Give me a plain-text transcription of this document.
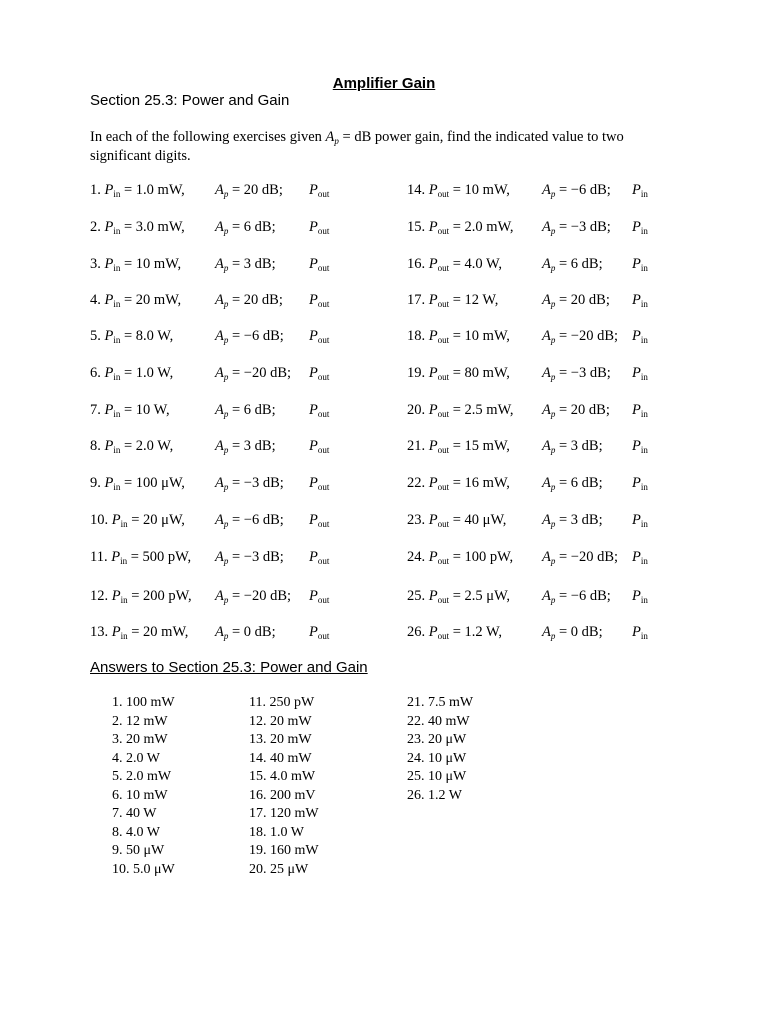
Amplifier Gain
Section 25.3: Power and Gain
In each of the following exercises given $A_p$ = dB power gain, find the indicated value to two significant digits.
1. $P_{in} = 1.0$ mW, $A_p = 20$ dB; $P_{out}$
2. $P_{in} = 3.0$ mW, $A_p = 6$ dB; $P_{out}$
3. $P_{in} = 10$ mW, $A_p = 3$ dB; $P_{out}$
4. $P_{in} = 20$ mW, $A_p = 20$ dB; $P_{out}$
5. $P_{in} = 8.0$ W,	$A_p = -6$ dB; $P_{out}$
6. $P_{in} = 1.0$ W,	$A_p = -20$ dB; $P_{out}$
7. $P_{in} = 10$ W,	$A_p = 6$ dB; $P_{out}$
8. $P_{in} = 2.0$ W,	$A_p = 3$ dB; $P_{out}$
9. $P_{in} = 100$ μW, $A_p = -3$ dB; $P_{out}$
10. $P_{in} = 20$ μW, $A_p = -6$ dB; $P_{out}$
11. $P_{in} = 500$ pW, $A_p = -3$ dB; $P_{out}$
12. $P_{in} = 200$ pW, $A_p = -20$ dB; $P_{out}$
13. $P_{in} = 20$ mW, $A_p = 0$ dB; $P_{out}$
14. $P_{out} = 10$ mW, $A_p = -6$ dB; $P_{in}$
15. $P_{out} = 2.0$ mW, $A_p = -3$ dB; $P_{in}$
16. $P_{out} = 4.0$ W,	$A_p = 6$ dB; $P_{in}$
17. $P_{out} = 12$ W,	$A_p = 20$ dB; $P_{in}$
18. $P_{out} = 10$ mW, $A_p = -20$ dB; $P_{in}$
19. $P_{out} = 80$ mW, $A_p = -3$ dB; $P_{in}$
20. $P_{out} = 2.5$ mW, $A_p = 20$ dB; $P_{in}$
21. $P_{out} = 15$ mW, $A_p = 3$ dB; $P_{in}$
22. $P_{out} = 16$ mW, $A_p = 6$ dB; $P_{in}$
23. $P_{out} = 40$ μW, $A_p = 3$ dB; $P_{in}$
24. $P_{out} = 100$ pW, $A_p = -20$ dB; $P_{in}$
25. $P_{out} = 2.5$ μW, $A_p = -6$ dB; $P_{in}$
26. $P_{out} = 1.2$ W,	$A_p = 0$ dB; $P_{in}$
Answers to Section 25.3: Power and Gain
1. 100 mW
2. 12 mW
3. 20 mW
4. 2.0 W
5. 2.0 mW
6. 10 mW
7. 40 W
8. 4.0 W
9. 50 μW
10. 5.0 μW
11. 250 pW
12. 20 mW
13. 20 mW
14. 40 mW
15. 4.0 mW
16. 200 mV
17. 120 mW
18. 1.0 W
19. 160 mW
20. 25 μW
21. 7.5 mW
22. 40 mW
23. 20 μW
24. 10 μW
25. 10 μW
26. 1.2 W
